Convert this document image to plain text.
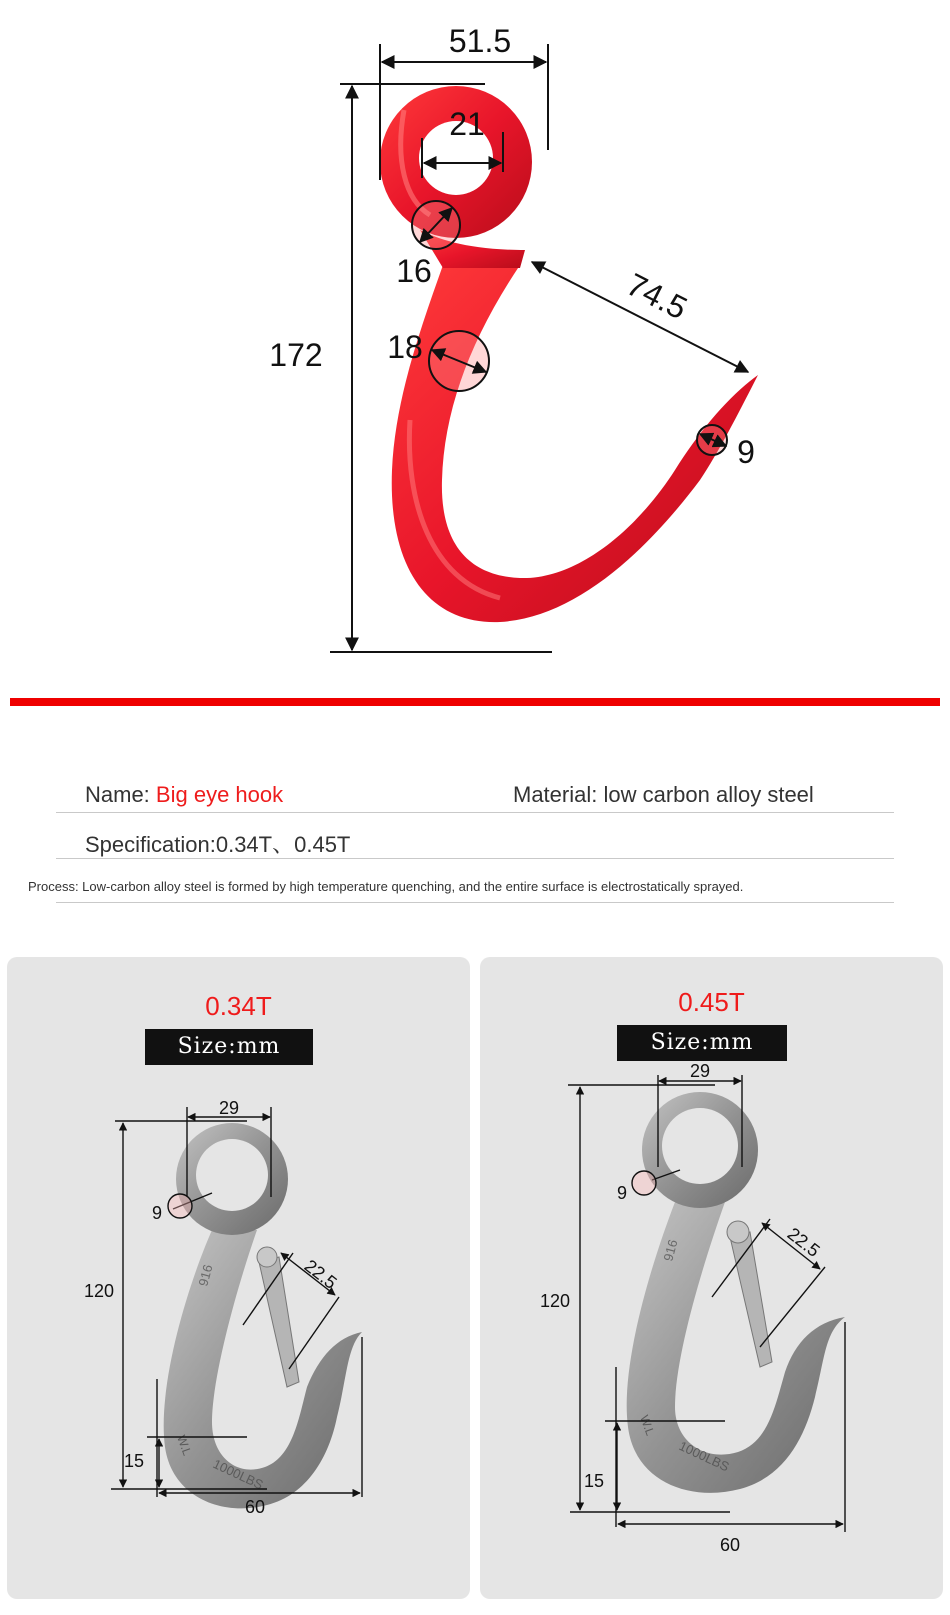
51.5
21
16
172 18
74.5
9
Name: Big eye hook	Material: low carbon alloy steel
Specification:0.34T、0.45T
Process: Low-carbon alloy steel is formed by high temperature quenching, and the entire surface is electrostatically sprayed.
0.34T
Size:mm
916
W.L
1000LBS
29
9
120	22.5
15
60
0.45T
Size:mm
916
W.L
1000LBS
29
9
120
22.5
15
60
